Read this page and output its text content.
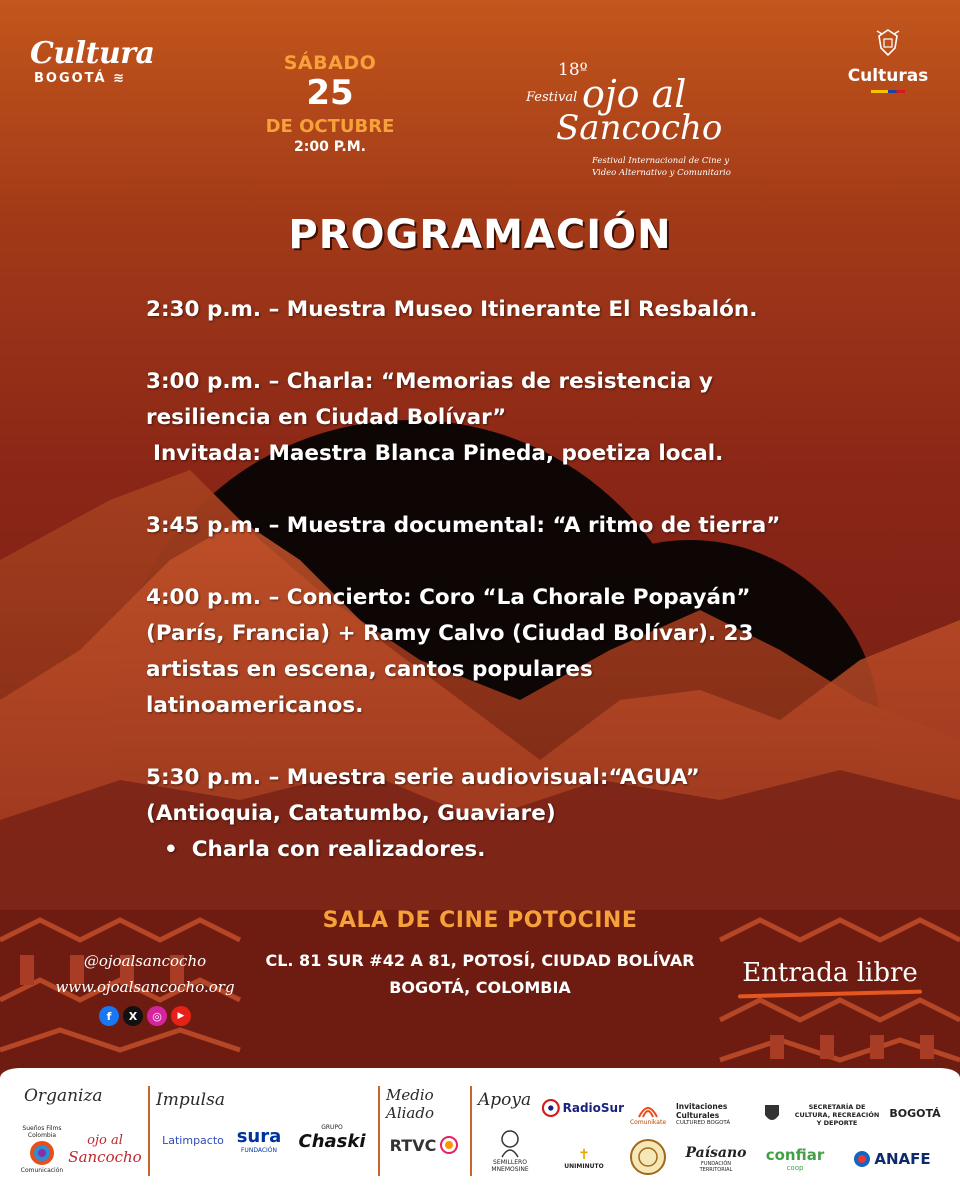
Cultura
BOGOTÁ ≋
SÁBADO
25
DE OCTUBRE
2:00 P.M.
18º
Festival ojo al
Sancocho
Festival Internacional de Cine y
Video Alternativo y Comunitario
Culturas
PROGRAMACIÓN
2:30 p.m. – Muestra Museo Itinerante El Resbalón.
3:00 p.m. – Charla: “Memorias de resistencia y
resiliencia en Ciudad Bolívar”
Invitada: Maestra Blanca Pineda, poetiza local.
3:45 p.m. – Muestra documental: “A ritmo de tierra”
4:00 p.m. – Concierto: Coro “La Chorale Popayán”
(París, Francia) + Ramy Calvo (Ciudad Bolívar). 23
artistas en escena, cantos populares
latinoamericanos.
5:30 p.m. – Muestra serie audiovisual:“AGUA”
(Antioquia, Catatumbo, Guaviare)
• Charla con realizadores.
@ojoalsancocho
www.ojoalsancocho.org
f	X	◎	▶
SALA DE CINE POTOCINE
CL. 81 SUR #42 A 81, POTOSÍ, CIUDAD BOLÍVAR
BOGOTÁ, COLOMBIA	Entrada libre
Organiza	Impulsa	Medio
Aliado
Apoya
Sueños Films
Colombia
Comunicación
ojo al
Sancocho
Latimpacto sura
FUNDACIÓN
GRUPO
Chaski RTVC
SEMILLERO
MNEMOSINE
RadioSur
✝
UNIMINUTO
Comunikate
Invitaciones
Culturales
CULTURED BOGOTÁ
Paísano
FUNDACIÓN TERRITORIAL
SECRETARÍA DE
CULTURA, RECREACIÓN
Y DEPORTE
BOGOTÁ
confiar
coop	ANAFE
